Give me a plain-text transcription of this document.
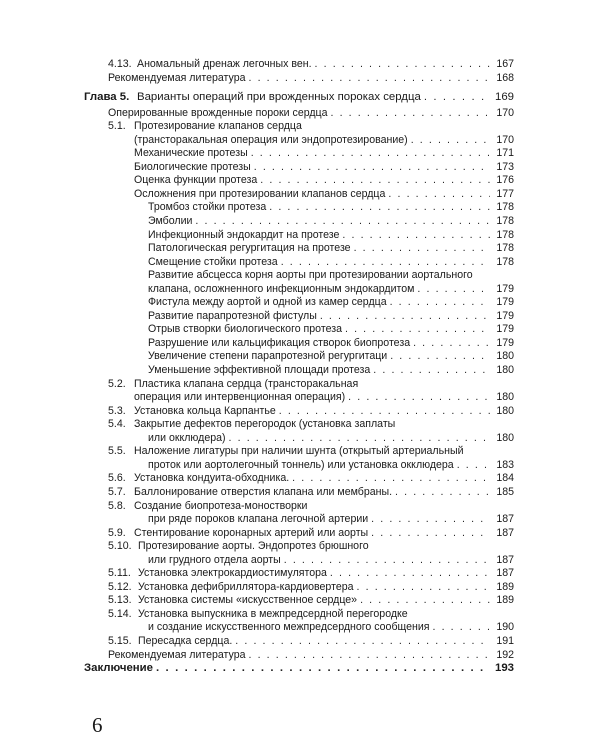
4.13. Аномальный дренаж легочных вен. . . .	167
Рекомендуемая литература . . .	168
Глава 5. Варианты операций при врожденных пороках сердца . . .	169
Оперированные врожденные пороки сердца . . .	170
5.1. Протезирование клапанов сердца
(трансторакальная операция или эндопротезирование) . . .	170
Механические протезы . . .	171
Биологические протезы . . .	173
Оценка функции протеза . . .	176
Осложнения при протезировании клапанов сердца . . .	177
Тромбоз стойки протеза . . .	178
Эмболии . . .	178
Инфекционный эндокардит на протезе . . .	178
Патологическая регургитация на протезе . . .	178
Смещение стойки протеза . . .	178
Развитие абсцесса корня аорты при протезировании аортального
клапана, осложненного инфекционным эндокардитом . . .	179
Фистула между аортой и одной из камер сердца . . .	179
Развитие парапротезной фистулы . . .	179
Отрыв створки биологического протеза . . .	179
Разрушение или кальцификация створок биопротеза . . .	179
Увеличение степени парапротезной регургитаци . . .	180
Уменьшение эффективной площади протеза . . .	180
5.2. Пластика клапана сердца (трансторакальная
операция или интервенционная операция) . . .	180
5.3. Установка кольца Карпантье . . .	180
5.4. Закрытие дефектов перегородок (установка заплаты
или окклюдера) . . .	180
5.5. Наложение лигатуры при наличии шунта (открытый артериальный
проток или аортолегочный тоннель) или установка окклюдера . . .	183
5.6. Установка кондуита-обходника. . . .	184
5.7. Баллонирование отверстия клапана или мембраны. . . .	185
5.8. Создание биопротеза-моностворки
при ряде пороков клапана легочной артерии . . .	187
5.9. Стентирование коронарных артерий или аорты . . .	187
5.10. Протезирование аорты. Эндопротез брюшного
или грудного отдела аорты . . .	187
5.11. Установка электрокардиостимулятора . . .	187
5.12. Установка дефибриллятора-кардиовертера . . .	189
5.13. Установка системы «искусственное сердце» . . .	189
5.14. Установка выпускника в межпредсердной перегородке
и создание искусственного межпредсердного сообщения . . .	190
5.15. Пересадка сердца. . . .	191
Рекомендуемая литература . . .	192
Заключение . . .	193
6
